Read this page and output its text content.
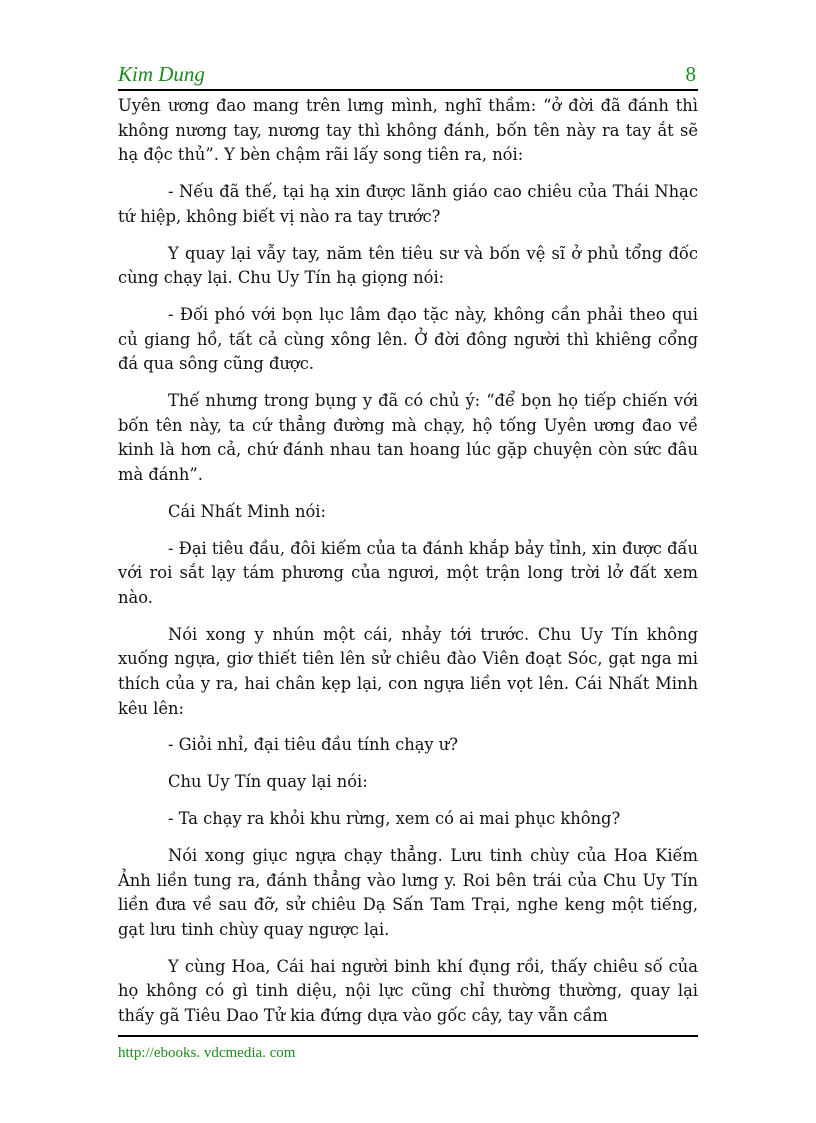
Kim Dung	8

Uyên ương đao mang trên lưng mình, nghĩ thầm: “ở đời đã đánh thì không nương tay, nương tay thì không đánh, bốn tên này ra tay ắt sẽ hạ độc thủ”. Y bèn chậm rãi lấy song tiên ra, nói:

- Nếu đã thế, tại hạ xin được lãnh giáo cao chiêu của Thái Nhạc tứ hiệp, không biết vị nào ra tay trước?

Y quay lại vẫy tay, năm tên tiêu sư và bốn vệ sĩ ở phủ tổng đốc cùng chạy lại. Chu Uy Tín hạ giọng nói:

- Đối phó với bọn lục lâm đạo tặc này, không cần phải theo qui củ giang hồ, tất cả cùng xông lên. Ở đời đông người thì khiêng cổng đá qua sông cũng được.

Thế nhưng trong bụng y đã có chủ ý: “để bọn họ tiếp chiến với bốn tên này, ta cứ thẳng đường mà chạy, hộ tống Uyên ương đao về kinh là hơn cả, chứ đánh nhau tan hoang lúc gặp chuyện còn sức đâu mà đánh”.

Cái Nhất Minh nói:

- Đại tiêu đầu, đôi kiếm của ta đánh khắp bảy tỉnh, xin được đấu với roi sắt lạy tám phương của ngươi, một trận long trời lở đất xem nào.

Nói xong y nhún một cái, nhảy tới trước. Chu Uy Tín không xuống ngựa, giơ thiết tiên lên sử chiêu đào Viên đoạt Sóc, gạt nga mi thích của y ra, hai chân kẹp lại, con ngựa liền vọt lên. Cái Nhất Minh kêu lên:

- Giỏi nhỉ, đại tiêu đầu tính chạy ư?

Chu Uy Tín quay lại nói:

- Ta chạy ra khỏi khu rừng, xem có ai mai phục không?

Nói xong giục ngựa chạy thẳng. Lưu tinh chùy của Hoa Kiếm Ảnh liền tung ra, đánh thẳng vào lưng y. Roi bên trái của Chu Uy Tín liền đưa về sau đỡ, sử chiêu Dạ Sấn Tam Trại, nghe keng một tiếng, gạt lưu tinh chùy quay ngược lại.

Y cùng Hoa, Cái hai người binh khí đụng rồi, thấy chiêu số của họ không có gì tinh diệu, nội lực cũng chỉ thường thường, quay lại thấy gã Tiêu Dao Tử kia đứng dựa vào gốc cây, tay vẫn cầm

http://ebooks. vdcmedia. com
